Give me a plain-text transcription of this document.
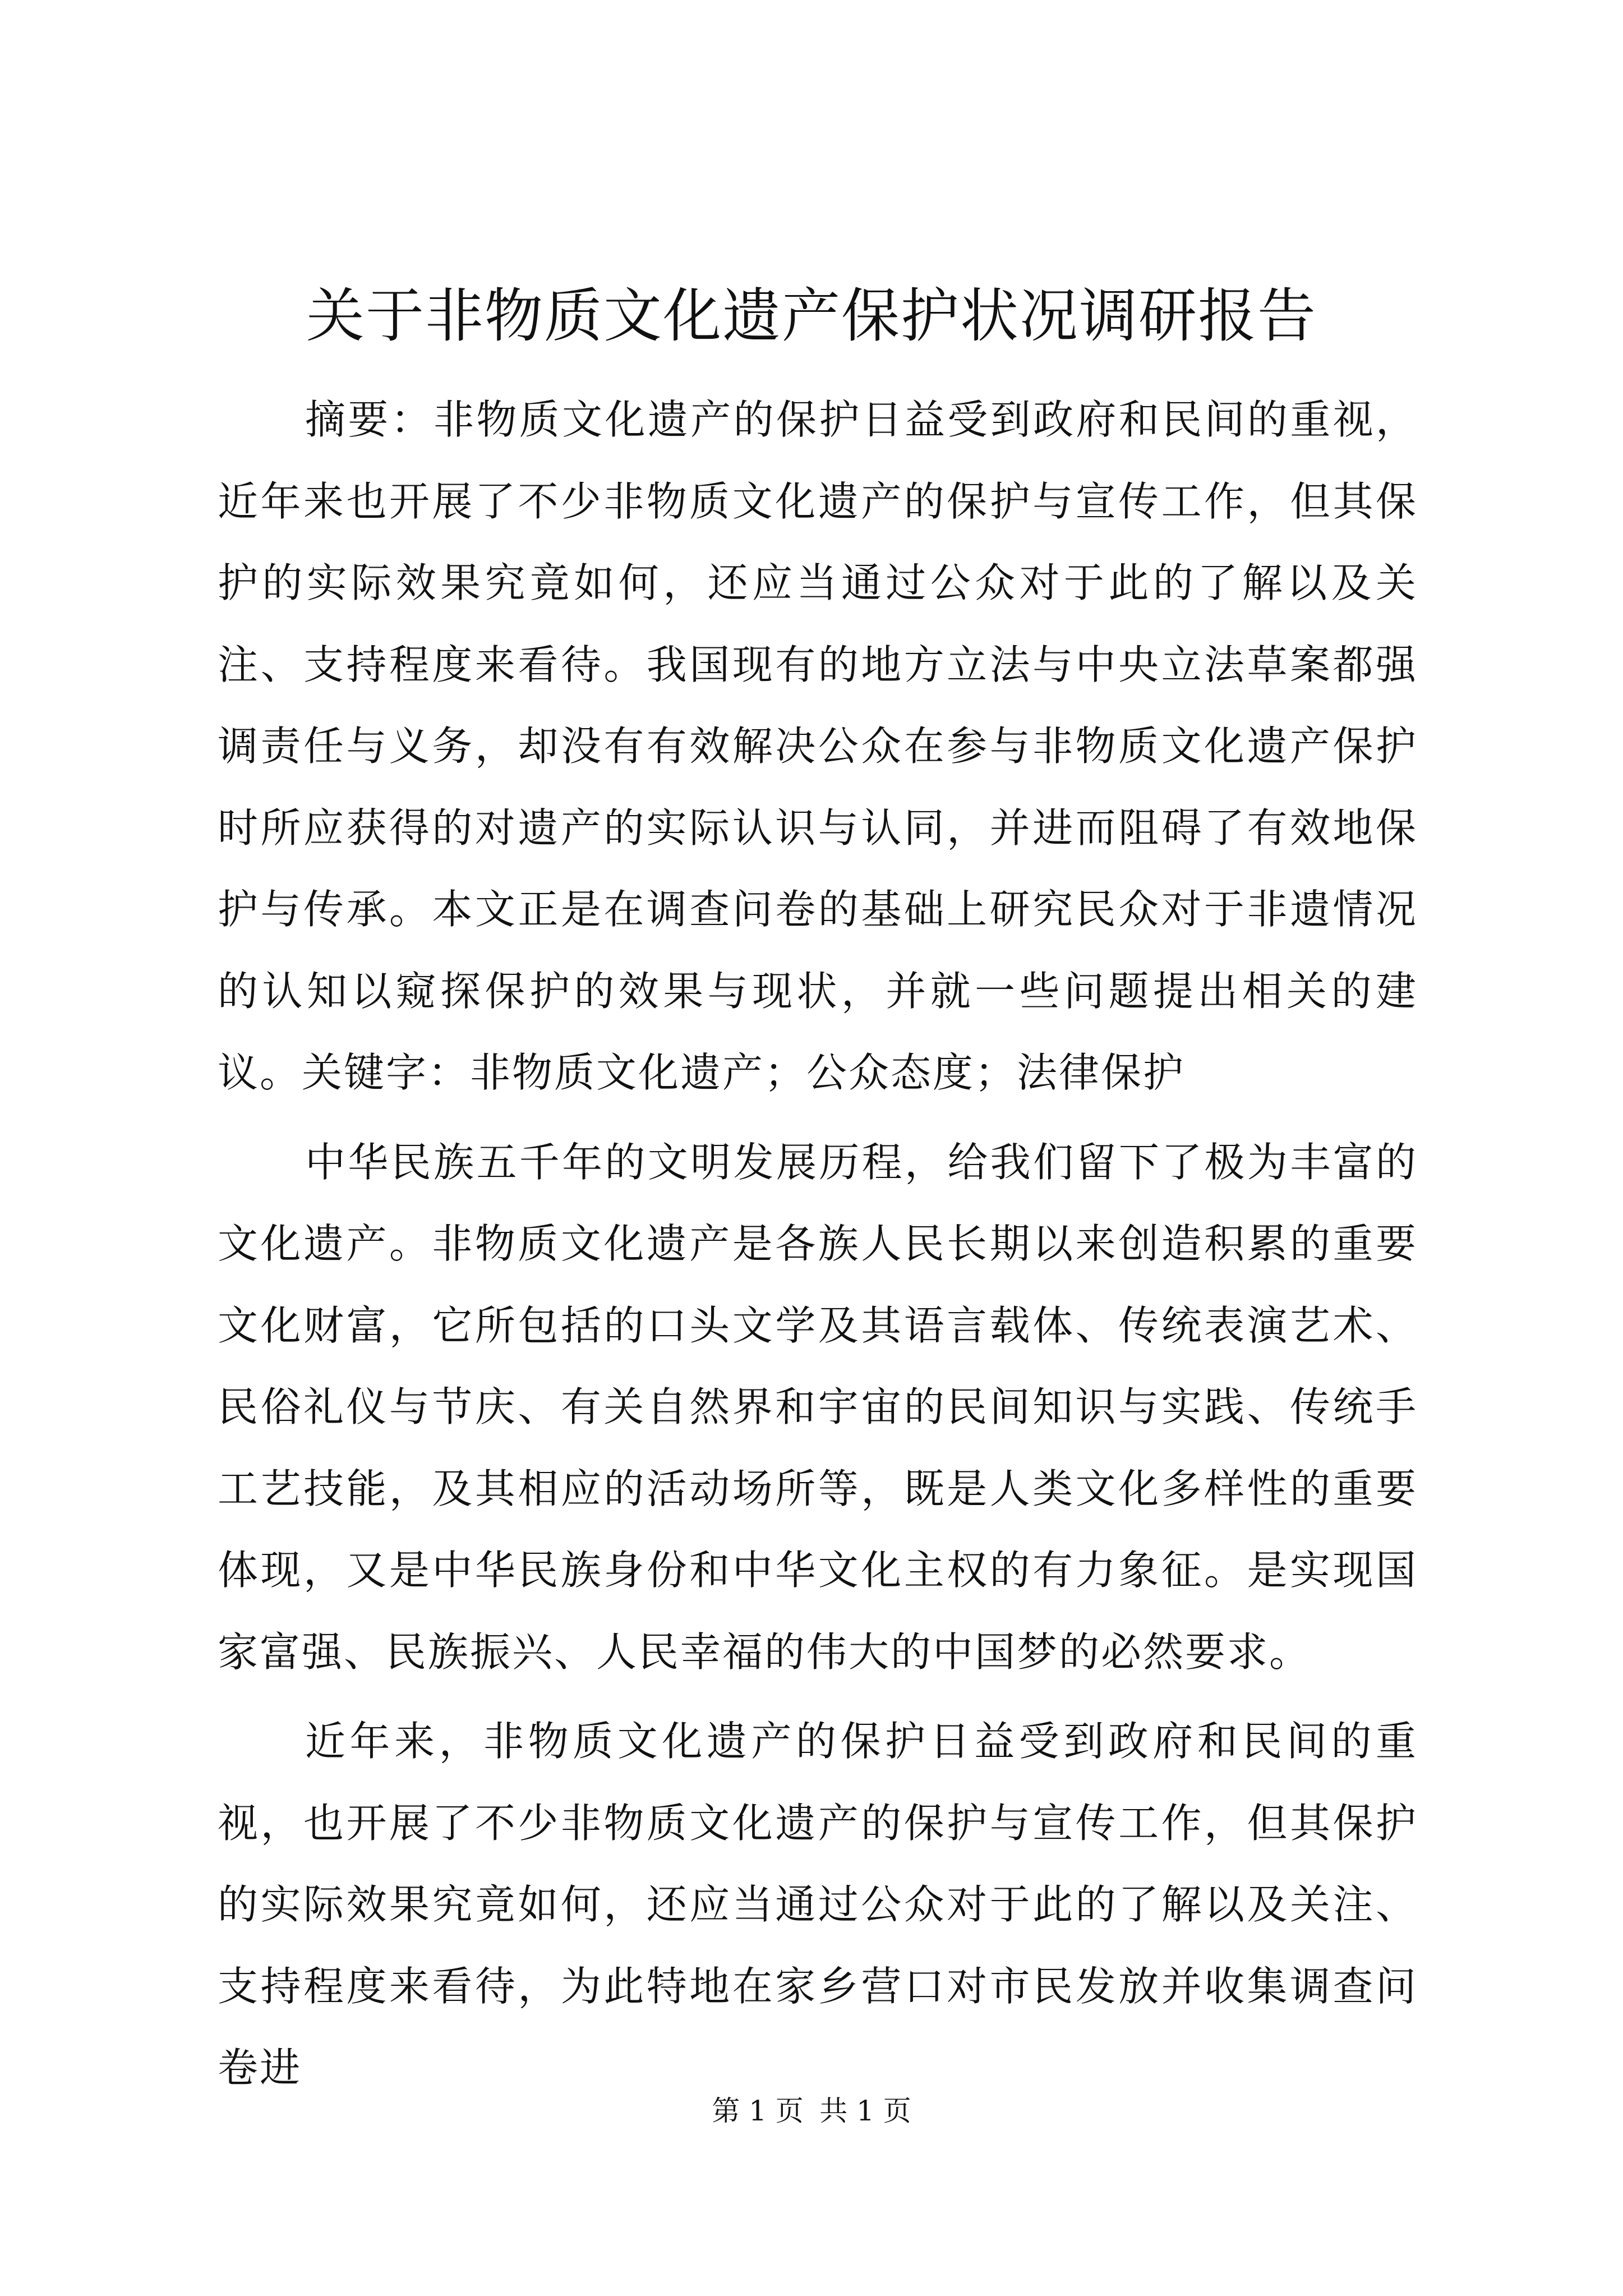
关于非物质文化遗产保护状况调研报告

摘要：非物质文化遗产的保护日益受到政府和民间的重视，近年来也开展了不少非物质文化遗产的保护与宣传工作，但其保护的实际效果究竟如何，还应当通过公众对于此的了解以及关注、支持程度来看待。我国现有的地方立法与中央立法草案都强调责任与义务，却没有有效解决公众在参与非物质文化遗产保护时所应获得的对遗产的实际认识与认同，并进而阻碍了有效地保护与传承。本文正是在调查问卷的基础上研究民众对于非遗情况的认知以窥探保护的效果与现状，并就一些问题提出相关的建议。关键字：非物质文化遗产；公众态度；法律保护

中华民族五千年的文明发展历程，给我们留下了极为丰富的文化遗产。非物质文化遗产是各族人民长期以来创造积累的重要文化财富，它所包括的口头文学及其语言载体、传统表演艺术、民俗礼仪与节庆、有关自然界和宇宙的民间知识与实践、传统手工艺技能，及其相应的活动场所等，既是人类文化多样性的重要体现，又是中华民族身份和中华文化主权的有力象征。是实现国家富强、民族振兴、人民幸福的伟大的中国梦的必然要求。

近年来，非物质文化遗产的保护日益受到政府和民间的重视，也开展了不少非物质文化遗产的保护与宣传工作，但其保护的实际效果究竟如何，还应当通过公众对于此的了解以及关注、支持程度来看待，为此特地在家乡营口对市民发放并收集调查问卷进

第 1 页 共 1 页
